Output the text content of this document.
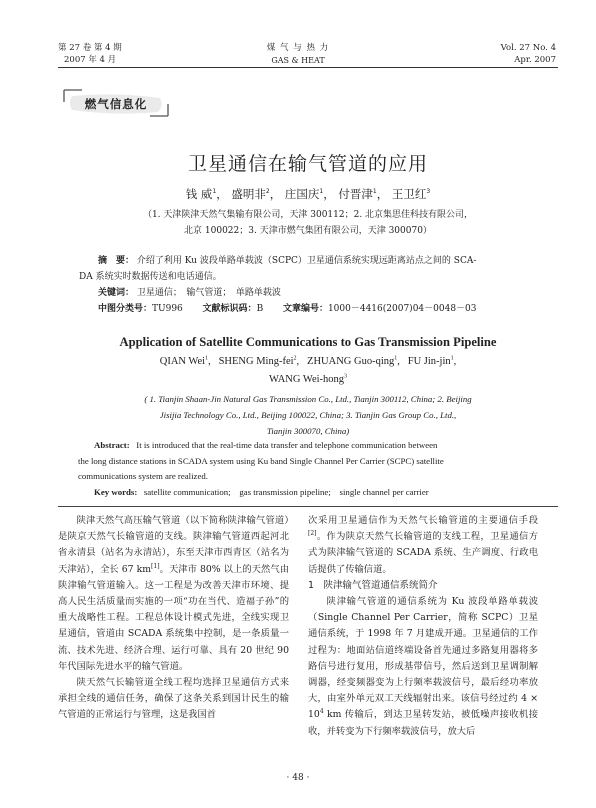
第 27 卷 第 4 期
2007 年 4 月
煤 气 与 热 力
GAS & HEAT
Vol. 27 No. 4
Apr. 2007
燃气信息化
卫星通信在输气管道的应用
钱 威$^1$， 盛明非$^2$， 庄国庆$^1$， 付晋津$^1$， 王卫红$^3$
（1. 天津陕津天然气集输有限公司，天津 300112；2. 北京集思佳科技有限公司，
北京 100022；3. 天津市燃气集团有限公司，天津 300070）
摘　要： 介绍了利用 Ku 波段单路单载波（SCPC）卫星通信系统实现远距离站点之间的 SCA-
DA 系统实时数据传送和电话通信。
关键词： 卫星通信；　输气管道；　单路单载波
中图分类号：TU996 文献标识码：B 文章编号：1000－4416(2007)04－0048－03
Application of Satellite Communications to Gas Transmission Pipeline
QIAN Wei$^1$,   SHENG Ming-fei$^2$,   ZHUANG Guo-qing$^1$,   FU Jin-jin$^1$,
WANG Wei-hong$^3$
( 1. Tianjin Shaan-Jin Natural Gas Transmission Co., Ltd., Tianjin 300112, China; 2. Beijing
Jisijia Technology Co., Ltd., Beijing 100022, China; 3. Tianjin Gas Group Co., Ltd.,
Tianjin 300070, China)
Abstract: It is introduced that the real-time data transfer and telephone communication between
the long distance stations in SCADA system using Ku band Single Channel Per Carrier (SCPC) satellite
communications system are realized.
Key words: satellite communication;　gas transmission pipeline;　single channel per carrier

陕津天然气高压输气管道（以下简称陕津输气管道）是陕京天然气长输管道的支线。陕津输气管道西起河北省永清县（站名为永清站），东至天津市西青区（站名为天津站），全长 67 km[1]。天津市 80% 以上的天然气由陕津输气管道输入。这一工程是为改善天津市环境、提高人民生活质量而实施的一项“功在当代、造福子孙”的重大战略性工程。工程总体设计模式先进，全线实现卫星通信，管道由 SCADA 系统集中控制，是一条质量一流、技术先进、经济合理、运行可靠、具有 20 世纪 90 年代国际先进水平的输气管道。

陕天然气长输管道全线工程均选择卫星通信方式来承担全线的通信任务，确保了这条关系到国计民生的输气管道的正常运行与管理，这是我国首

次采用卫星通信作为天然气长输管道的主要通信手段[2]。作为陕京天然气长输管道的支线工程，卫星通信方式为陕津输气管道的 SCADA 系统、生产调度、行政电话提供了传输信道。

1　陕津输气管道通信系统简介

陕津输气管道的通信系统为 Ku 波段单路单载波（Single Channel Per Carrier，简称 SCPC）卫星通信系统，于 1998 年 7 月建成开通。卫星通信的工作过程为：地面站信道终端设备首先通过多路复用器将多路信号进行复用，形成基带信号，然后送到卫星调制解调器，经变频器变为上行频率载波信号，最后经功率放大，由室外单元双工天线辐射出来。该信号经过约 $4 \times 10^4$ km 传输后，到达卫星转发站，被低噪声接收机接收，并转变为下行频率载波信号，放大后

· 48 ·
